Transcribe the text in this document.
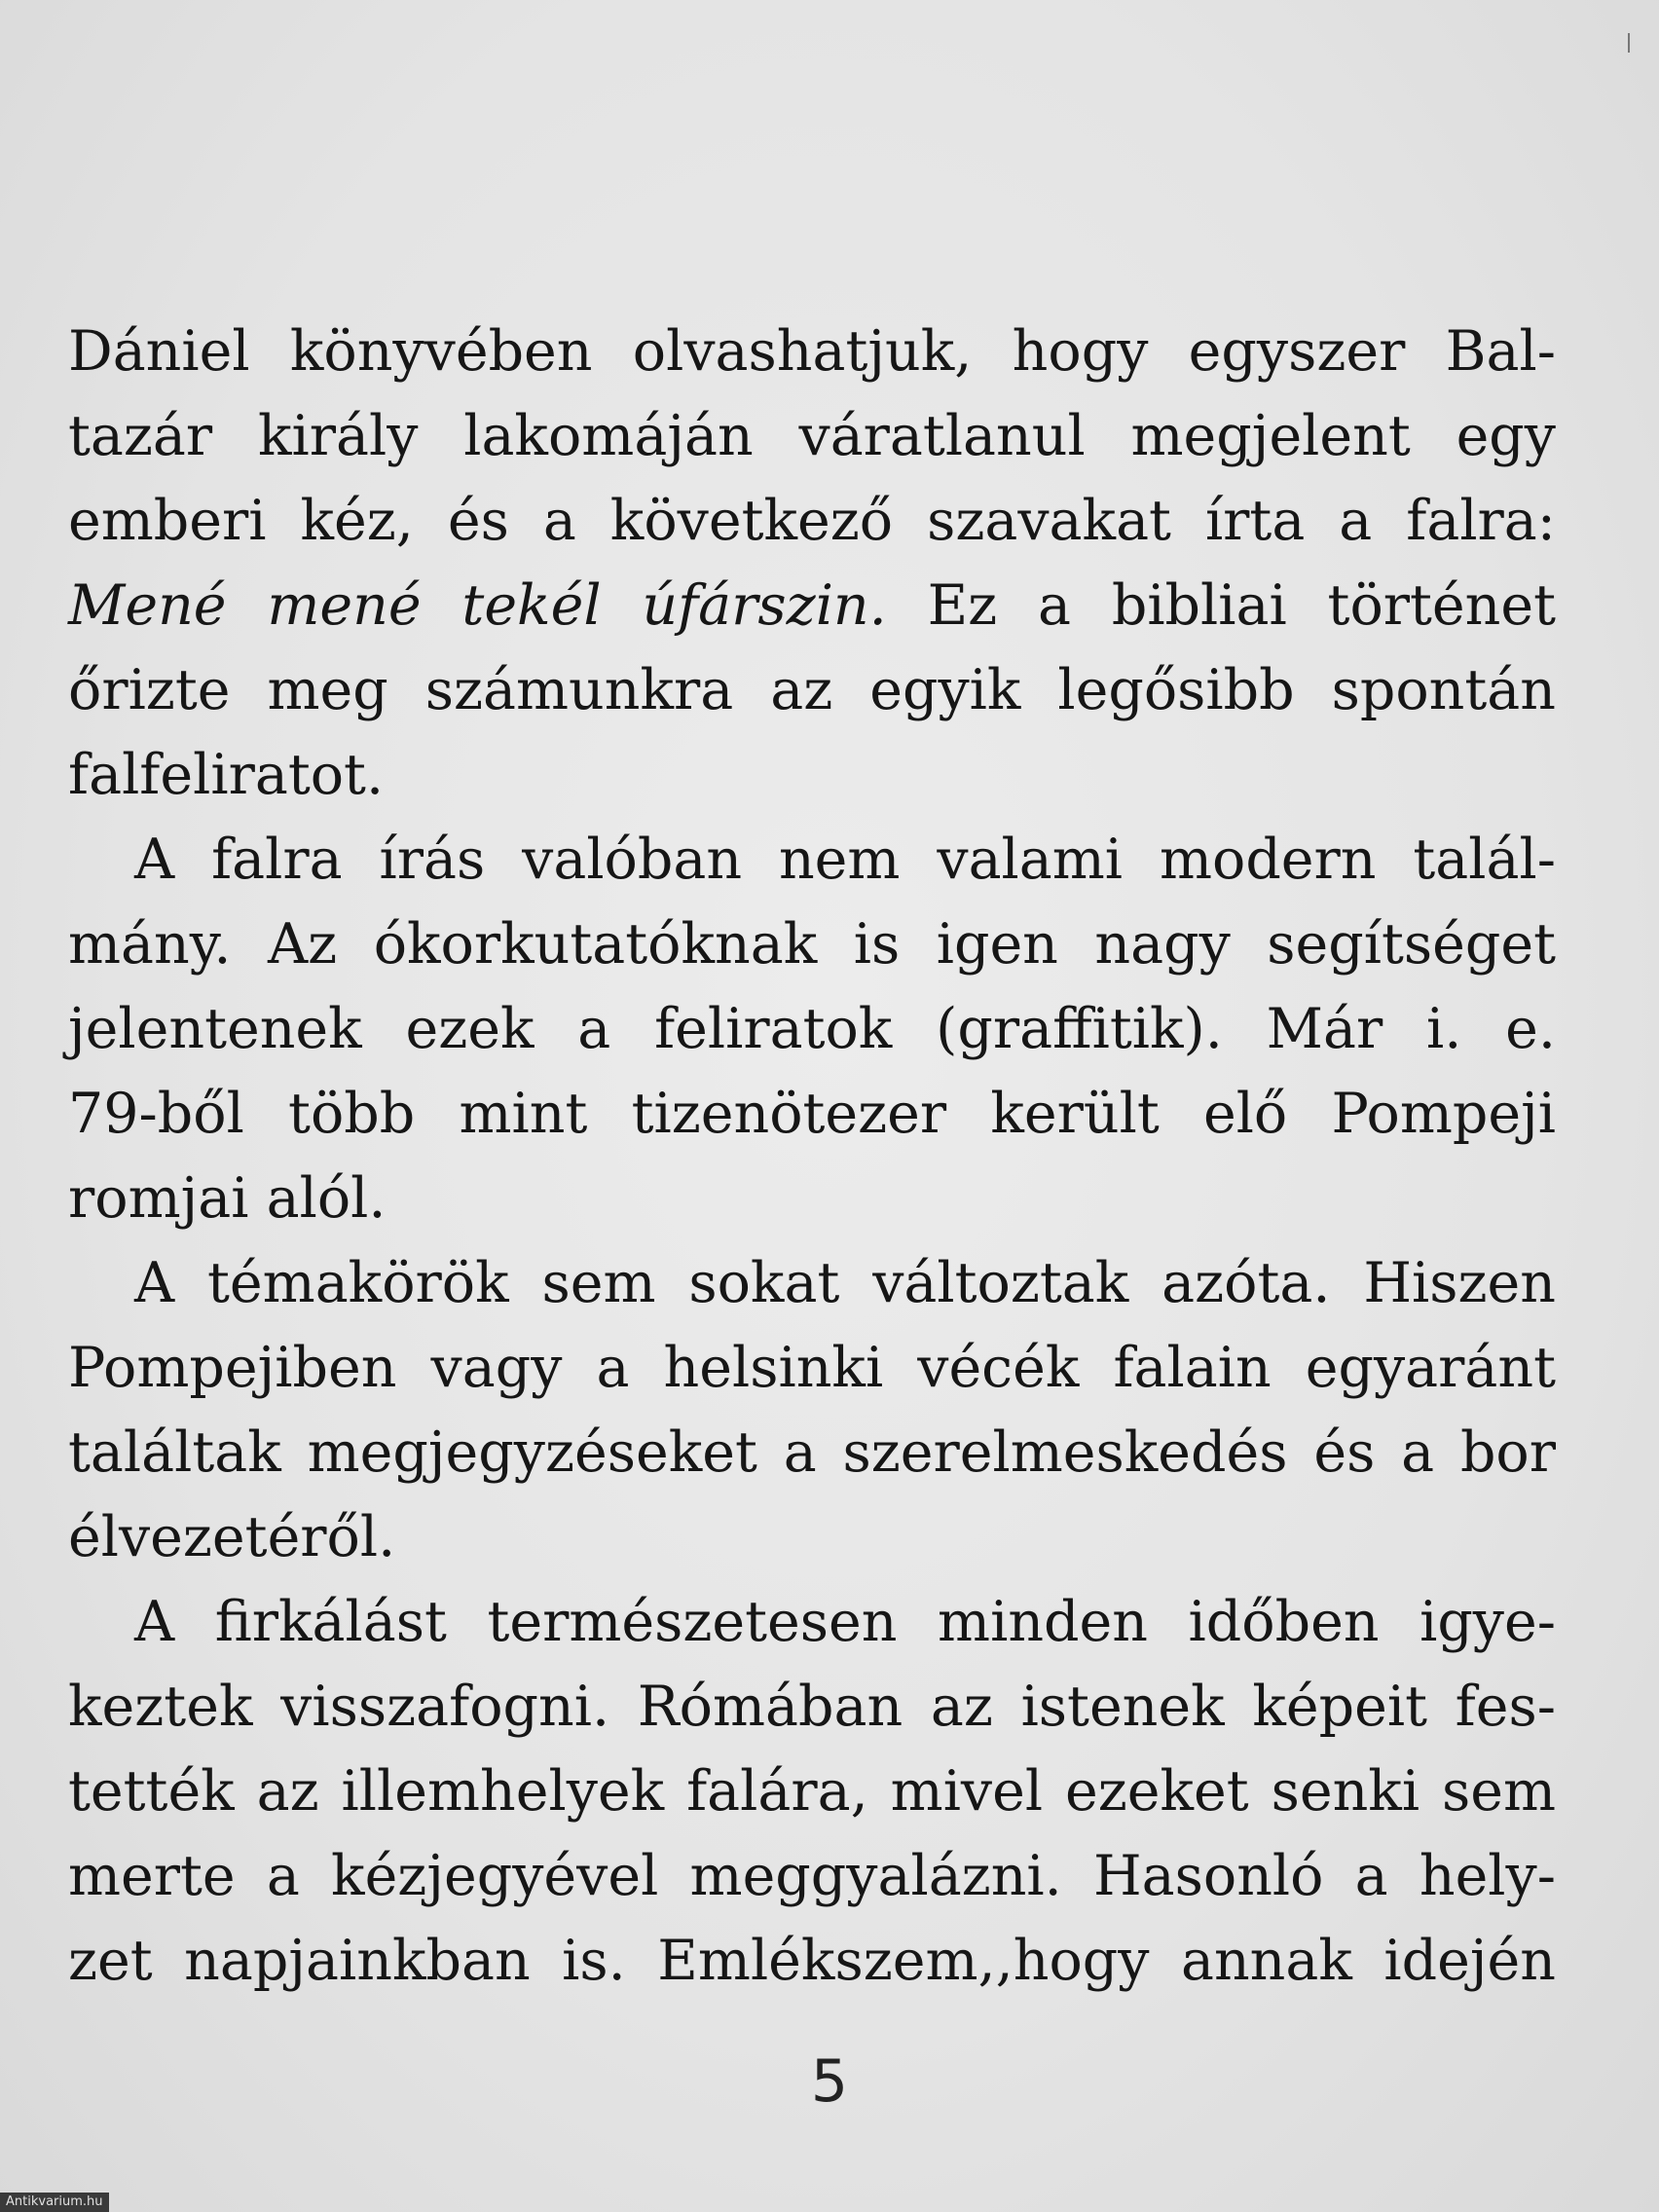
Dániel könyvében olvashatjuk, hogy egyszer Bal-
tazár király lakomáján váratlanul megjelent egy
emberi kéz, és a következő szavakat írta a falra:
Mené mené tekél úfárszin. Ez a bibliai történet
őrizte meg számunkra az egyik legősibb spontán
falfeliratot.
A falra írás valóban nem valami modern talál-
mány. Az ókorkutatóknak is igen nagy segítséget
jelentenek ezek a feliratok (graffitik). Már i. e.
79-ből több mint tizenötezer került elő Pompeji
romjai alól.
A témakörök sem sokat változtak azóta. Hiszen
Pompejiben vagy a helsinki vécék falain egyaránt
találtak megjegyzéseket a szerelmeskedés és a bor
élvezetéről.
A firkálást természetesen minden időben igye-
keztek visszafogni. Rómában az istenek képeit fes-
tették az illemhelyek falára, mivel ezeket senki sem
merte a kézjegyével meggyalázni. Hasonló a hely-
zet napjainkban is. Emlékszem,,hogy annak idején
5
Antikvarium.hu
